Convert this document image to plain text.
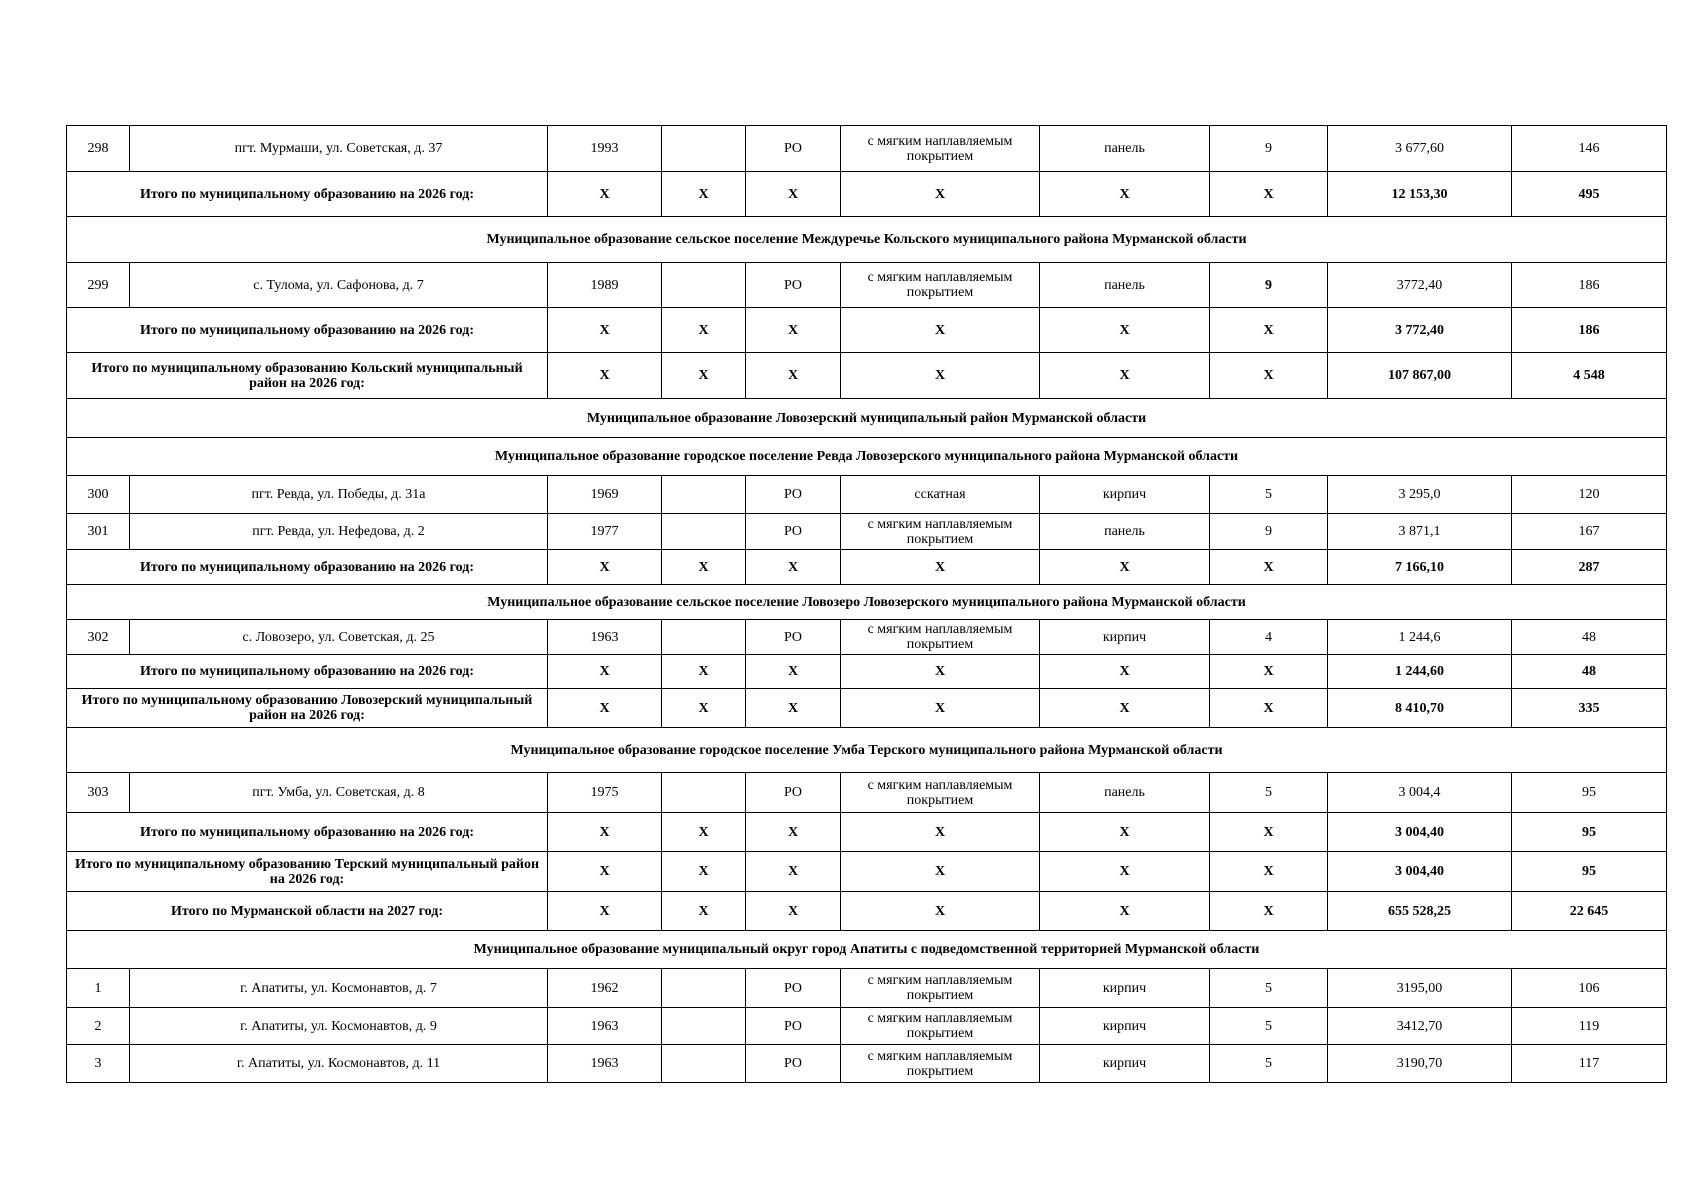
298	пгт. Мурмаши, ул. Советская, д. 37	1993		РО	с мягким наплавляемым покрытием	панель	9	3 677,60	146
Итого по муниципальному образованию на 2026 год:		X	X	X	X	X	X	12 153,30	495
Муниципальное образование сельское поселение Междуречье Кольского муниципального района Мурманской области									
299	с. Тулома, ул. Сафонова, д. 7	1989		РО	с мягким наплавляемым покрытием	панель	9	3772,40	186
Итого по муниципальному образованию на 2026 год:		X	X	X	X	X	X	3 772,40	186
Итого по муниципальному образованию Кольский муниципальный район на 2026 год:		X	X	X	X	X	X	107 867,00	4 548
Муниципальное образование Ловозерский муниципальный район Мурманской области									
Муниципальное образование городское поселение Ревда Ловозерского муниципального района Мурманской области									
300	пгт. Ревда, ул. Победы, д. 31а	1969		РО	сскатная	кирпич	5	3 295,0	120
301	пгт. Ревда, ул. Нефедова, д. 2	1977		РО	с мягким наплавляемым покрытием	панель	9	3 871,1	167
Итого по муниципальному образованию на 2026 год:		X	X	X	X	X	X	7 166,10	287
Муниципальное образование сельское поселение Ловозеро Ловозерского муниципального района Мурманской области									
302	с. Ловозеро, ул. Советская, д. 25	1963		РО	с мягким наплавляемым покрытием	кирпич	4	1 244,6	48
Итого по муниципальному образованию на 2026 год:		X	X	X	X	X	X	1 244,60	48
Итого по муниципальному образованию Ловозерский муниципальный район на 2026 год:		X	X	X	X	X	X	8 410,70	335
Муниципальное образование городское поселение Умба Терского муниципального района Мурманской области									
303	пгт. Умба, ул. Советская, д. 8	1975		РО	с мягким наплавляемым покрытием	панель	5	3 004,4	95
Итого по муниципальному образованию на 2026 год:		X	X	X	X	X	X	3 004,40	95
Итого по муниципальному образованию Терский муниципальный район на 2026 год:		X	X	X	X	X	X	3 004,40	95
Итого по Мурманской области на 2027 год:		X	X	X	X	X	X	655 528,25	22 645
Муниципальное образование муниципальный округ город Апатиты с подведомственной территорией Мурманской области									
1	г. Апатиты, ул. Космонавтов, д. 7	1962		РО	с мягким наплавляемым покрытием	кирпич	5	3195,00	106
2	г. Апатиты, ул. Космонавтов, д. 9	1963		РО	с мягким наплавляемым покрытием	кирпич	5	3412,70	119
3	г. Апатиты, ул. Космонавтов, д. 11	1963		РО	с мягким наплавляемым покрытием	кирпич	5	3190,70	117
